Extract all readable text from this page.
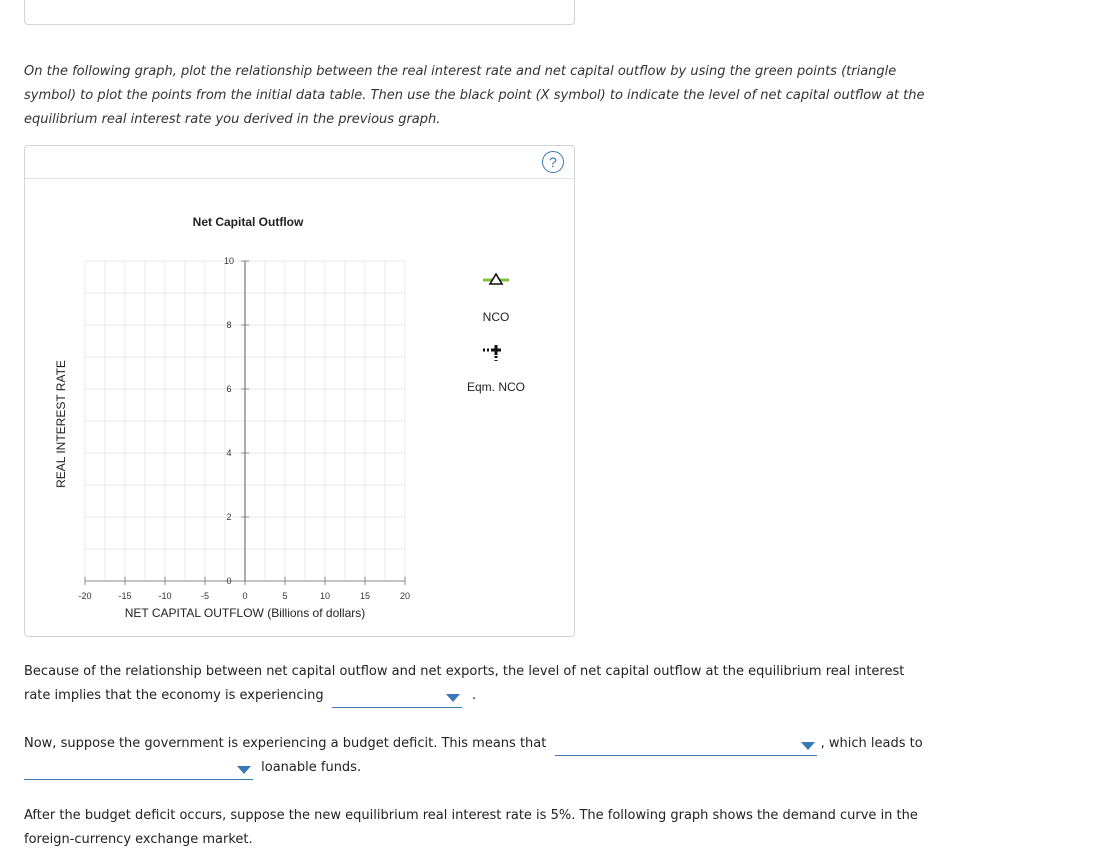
On the following graph, plot the relationship between the real interest rate and net capital outflow by using the green points (triangle symbol) to plot the points from the initial data table. Then use the black point (X symbol) to indicate the level of net capital outflow at the equilibrium real interest rate you derived in the previous graph.
?
Net Capital Outflow
NET CAPITAL OUTFLOW (Billions of dollars)
REAL INTEREST RATE
-20	-15	-10	-5	0	5	10	15	20
0
2
4
6
8
10
NCO
Eqm. NCO
Because of the relationship between net capital outflow and net exports, the level of net capital outflow at the equilibrium real interest rate implies that the economy is experiencing	.
Now, suppose the government is experiencing a budget deficit. This means that	, which leads to

loanable funds.
After the budget deficit occurs, suppose the new equilibrium real interest rate is 5%. The following graph shows the demand curve in the foreign-currency exchange market.
